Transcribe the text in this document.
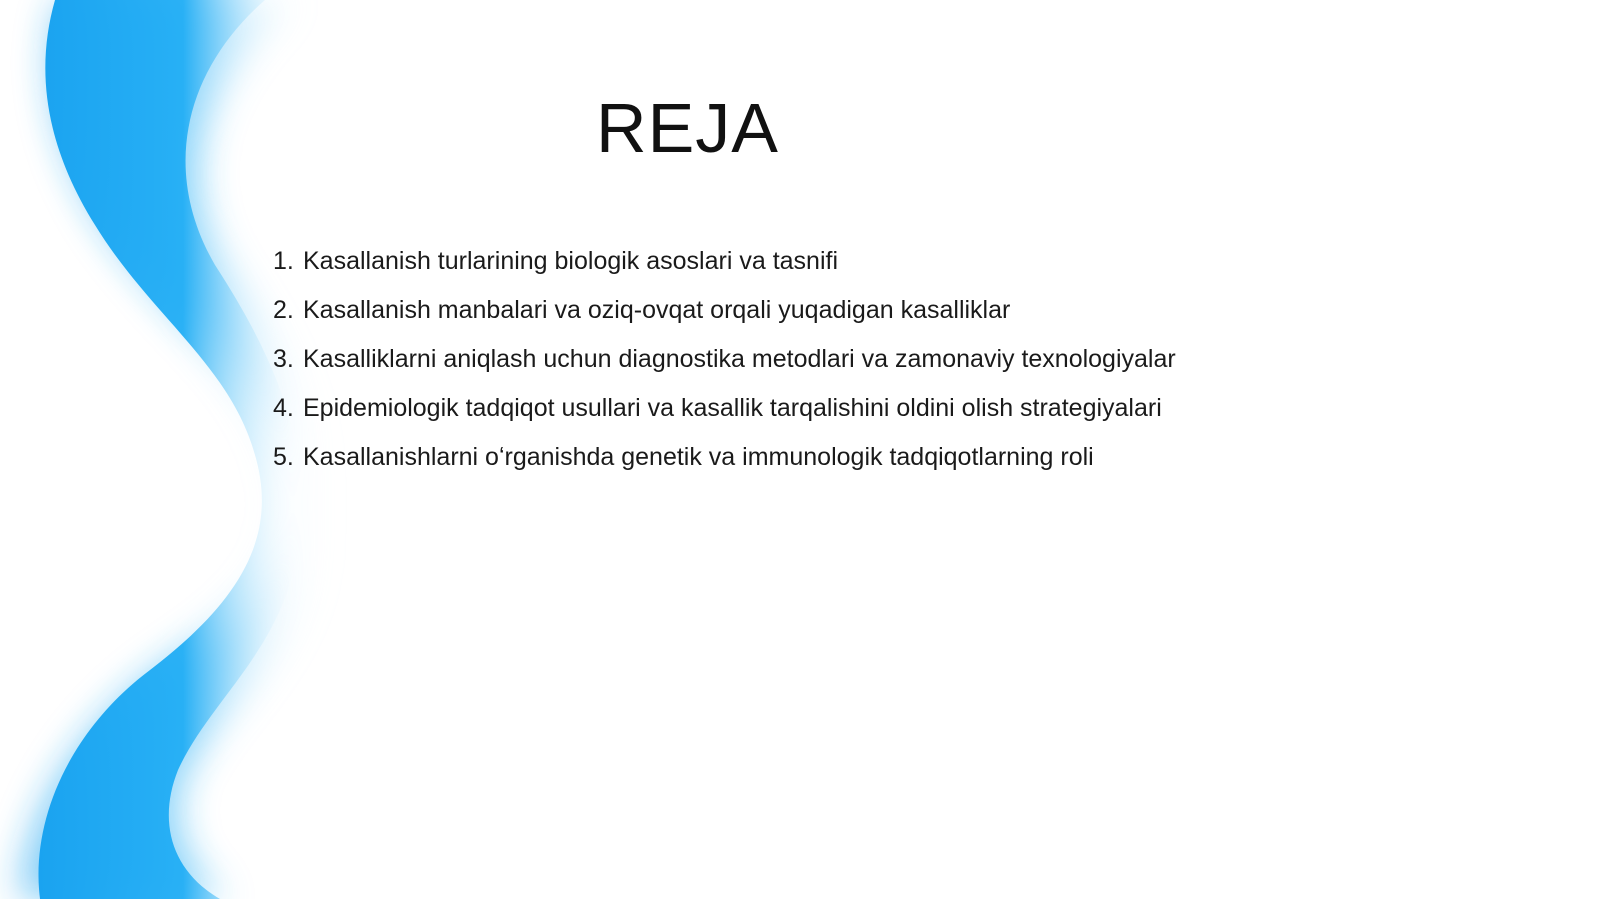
REJA
1. Kasallanish turlarining biologik asoslari va tasnifi
2. Kasallanish manbalari va oziq-ovqat orqali yuqadigan kasalliklar
3. Kasalliklarni aniqlash uchun diagnostika metodlari va zamonaviy texnologiyalar
4. Epidemiologik tadqiqot usullari va kasallik tarqalishini oldini olish strategiyalari
5. Kasallanishlarni oʻrganishda genetik va immunologik tadqiqotlarning roli
